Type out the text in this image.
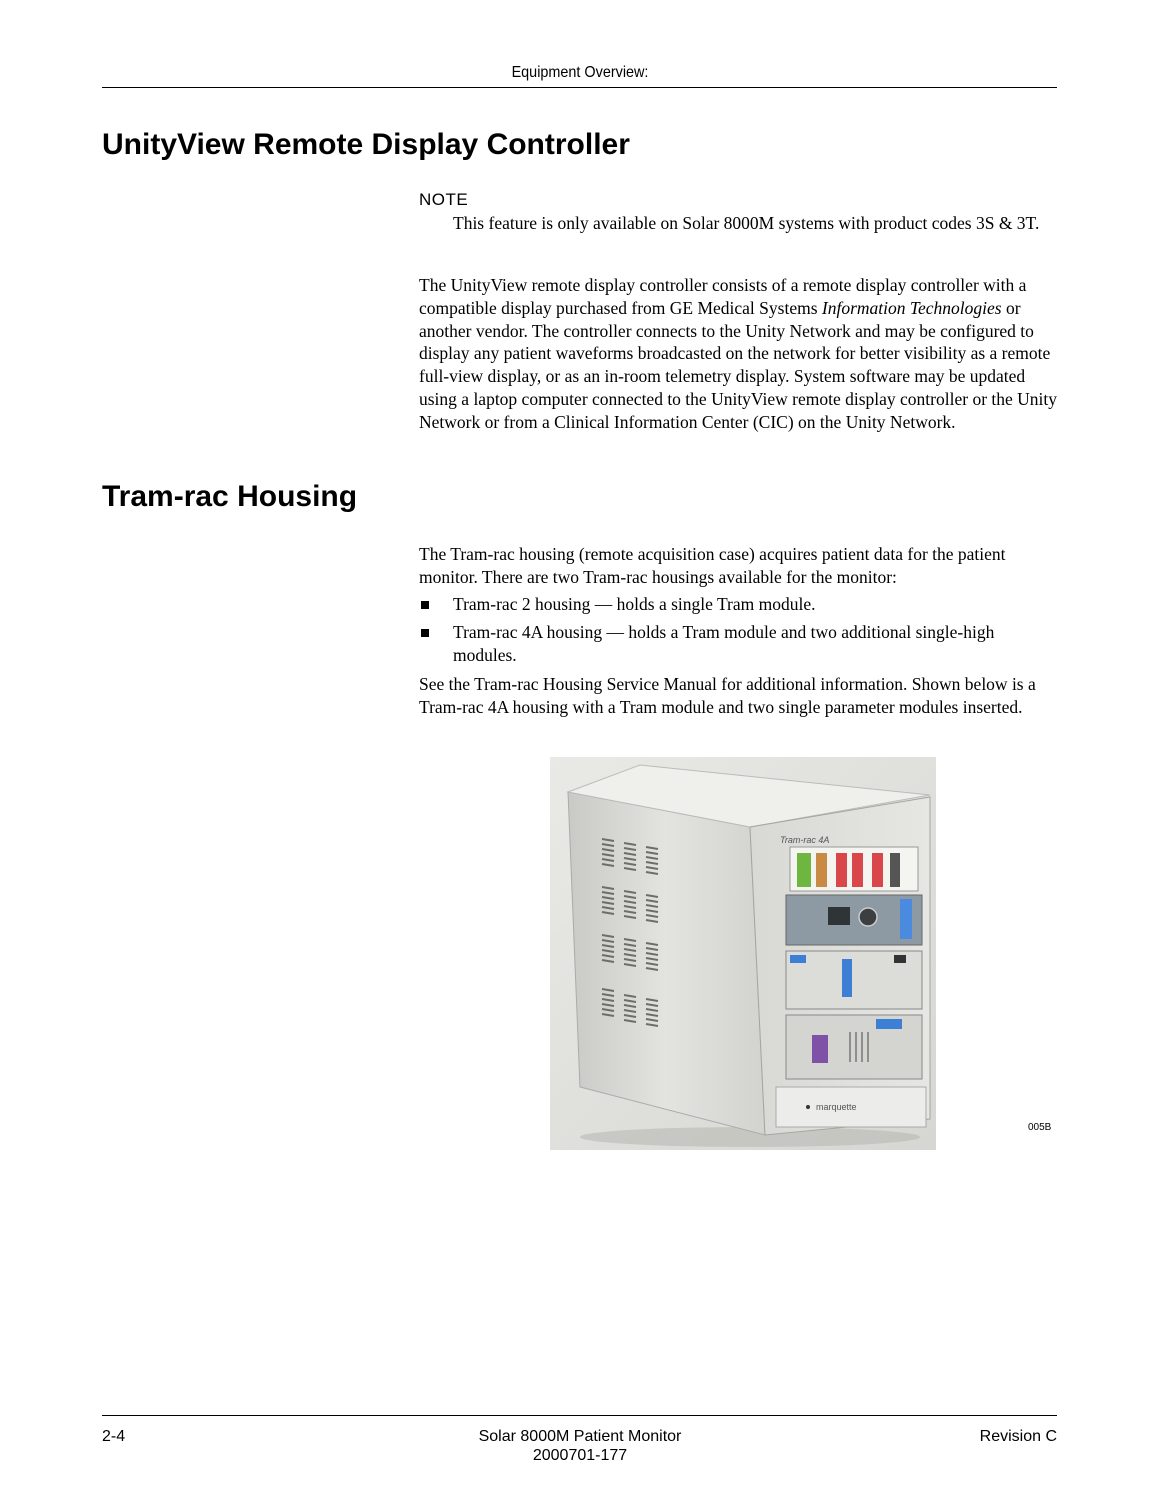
Equipment Overview:
UnityView Remote Display Controller
NOTE
This feature is only available on Solar 8000M systems with product codes 3S & 3T.

The UnityView remote display controller consists of a remote display controller with a compatible display purchased from GE Medical Systems Information Technologies or another vendor. The controller connects to the Unity Network and may be configured to display any patient waveforms broadcasted on the network for better visibility as a remote full-view display, or as an in-room telemetry display. System software may be updated using a laptop computer connected to the UnityView remote display controller or the Unity Network or from a Clinical Information Center (CIC) on the Unity Network.

Tram-rac Housing
The Tram-rac housing (remote acquisition case) acquires patient data for the patient monitor. There are two Tram-rac housings available for the monitor:
Tram-rac 2 housing — holds a single Tram module.
Tram-rac 4A housing — holds a Tram module and two additional single-high modules.
See the Tram-rac Housing Service Manual for additional information. Shown below is a Tram-rac 4A housing with a Tram module and two single parameter modules inserted.
Tram-rac 4A
marquette
005B
2-4	Solar 8000M Patient Monitor
2000701-177
Revision C
